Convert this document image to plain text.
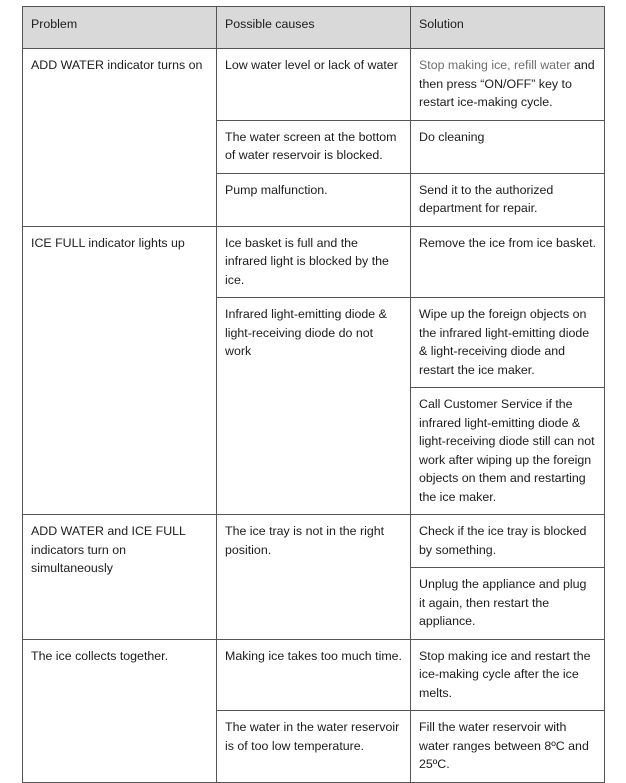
Problem	Possible causes	Solution
ADD WATER indicator turns on	Low water level or lack of water	Stop making ice, refill water and then press “ON/OFF” key to restart ice-making cycle.
	The water screen at the bottom of water reservoir is blocked.	Do cleaning
	Pump malfunction.	Send it to the authorized department for repair.
ICE FULL indicator lights up	Ice basket is full and the infrared light is blocked by the ice.	Remove the ice from ice basket.
	Infrared light-emitting diode & light-receiving diode do not work	Wipe up the foreign objects on the infrared light-emitting diode & light-receiving diode and restart the ice maker.
		Call Customer Service if the infrared light-emitting diode & light-receiving diode still can not work after wiping up the foreign objects on them and restarting the ice maker.
ADD WATER and ICE FULL indicators turn on simultaneously	The ice tray is not in the right position.	Check if the ice tray is blocked by something.
		Unplug the appliance and plug it again, then restart the appliance.
The ice collects together.	Making ice takes too much time.	Stop making ice and restart the ice-making cycle after the ice melts.
	The water in the water reservoir is of too low temperature.	Fill the water reservoir with water ranges between 8ºC and 25ºC.
